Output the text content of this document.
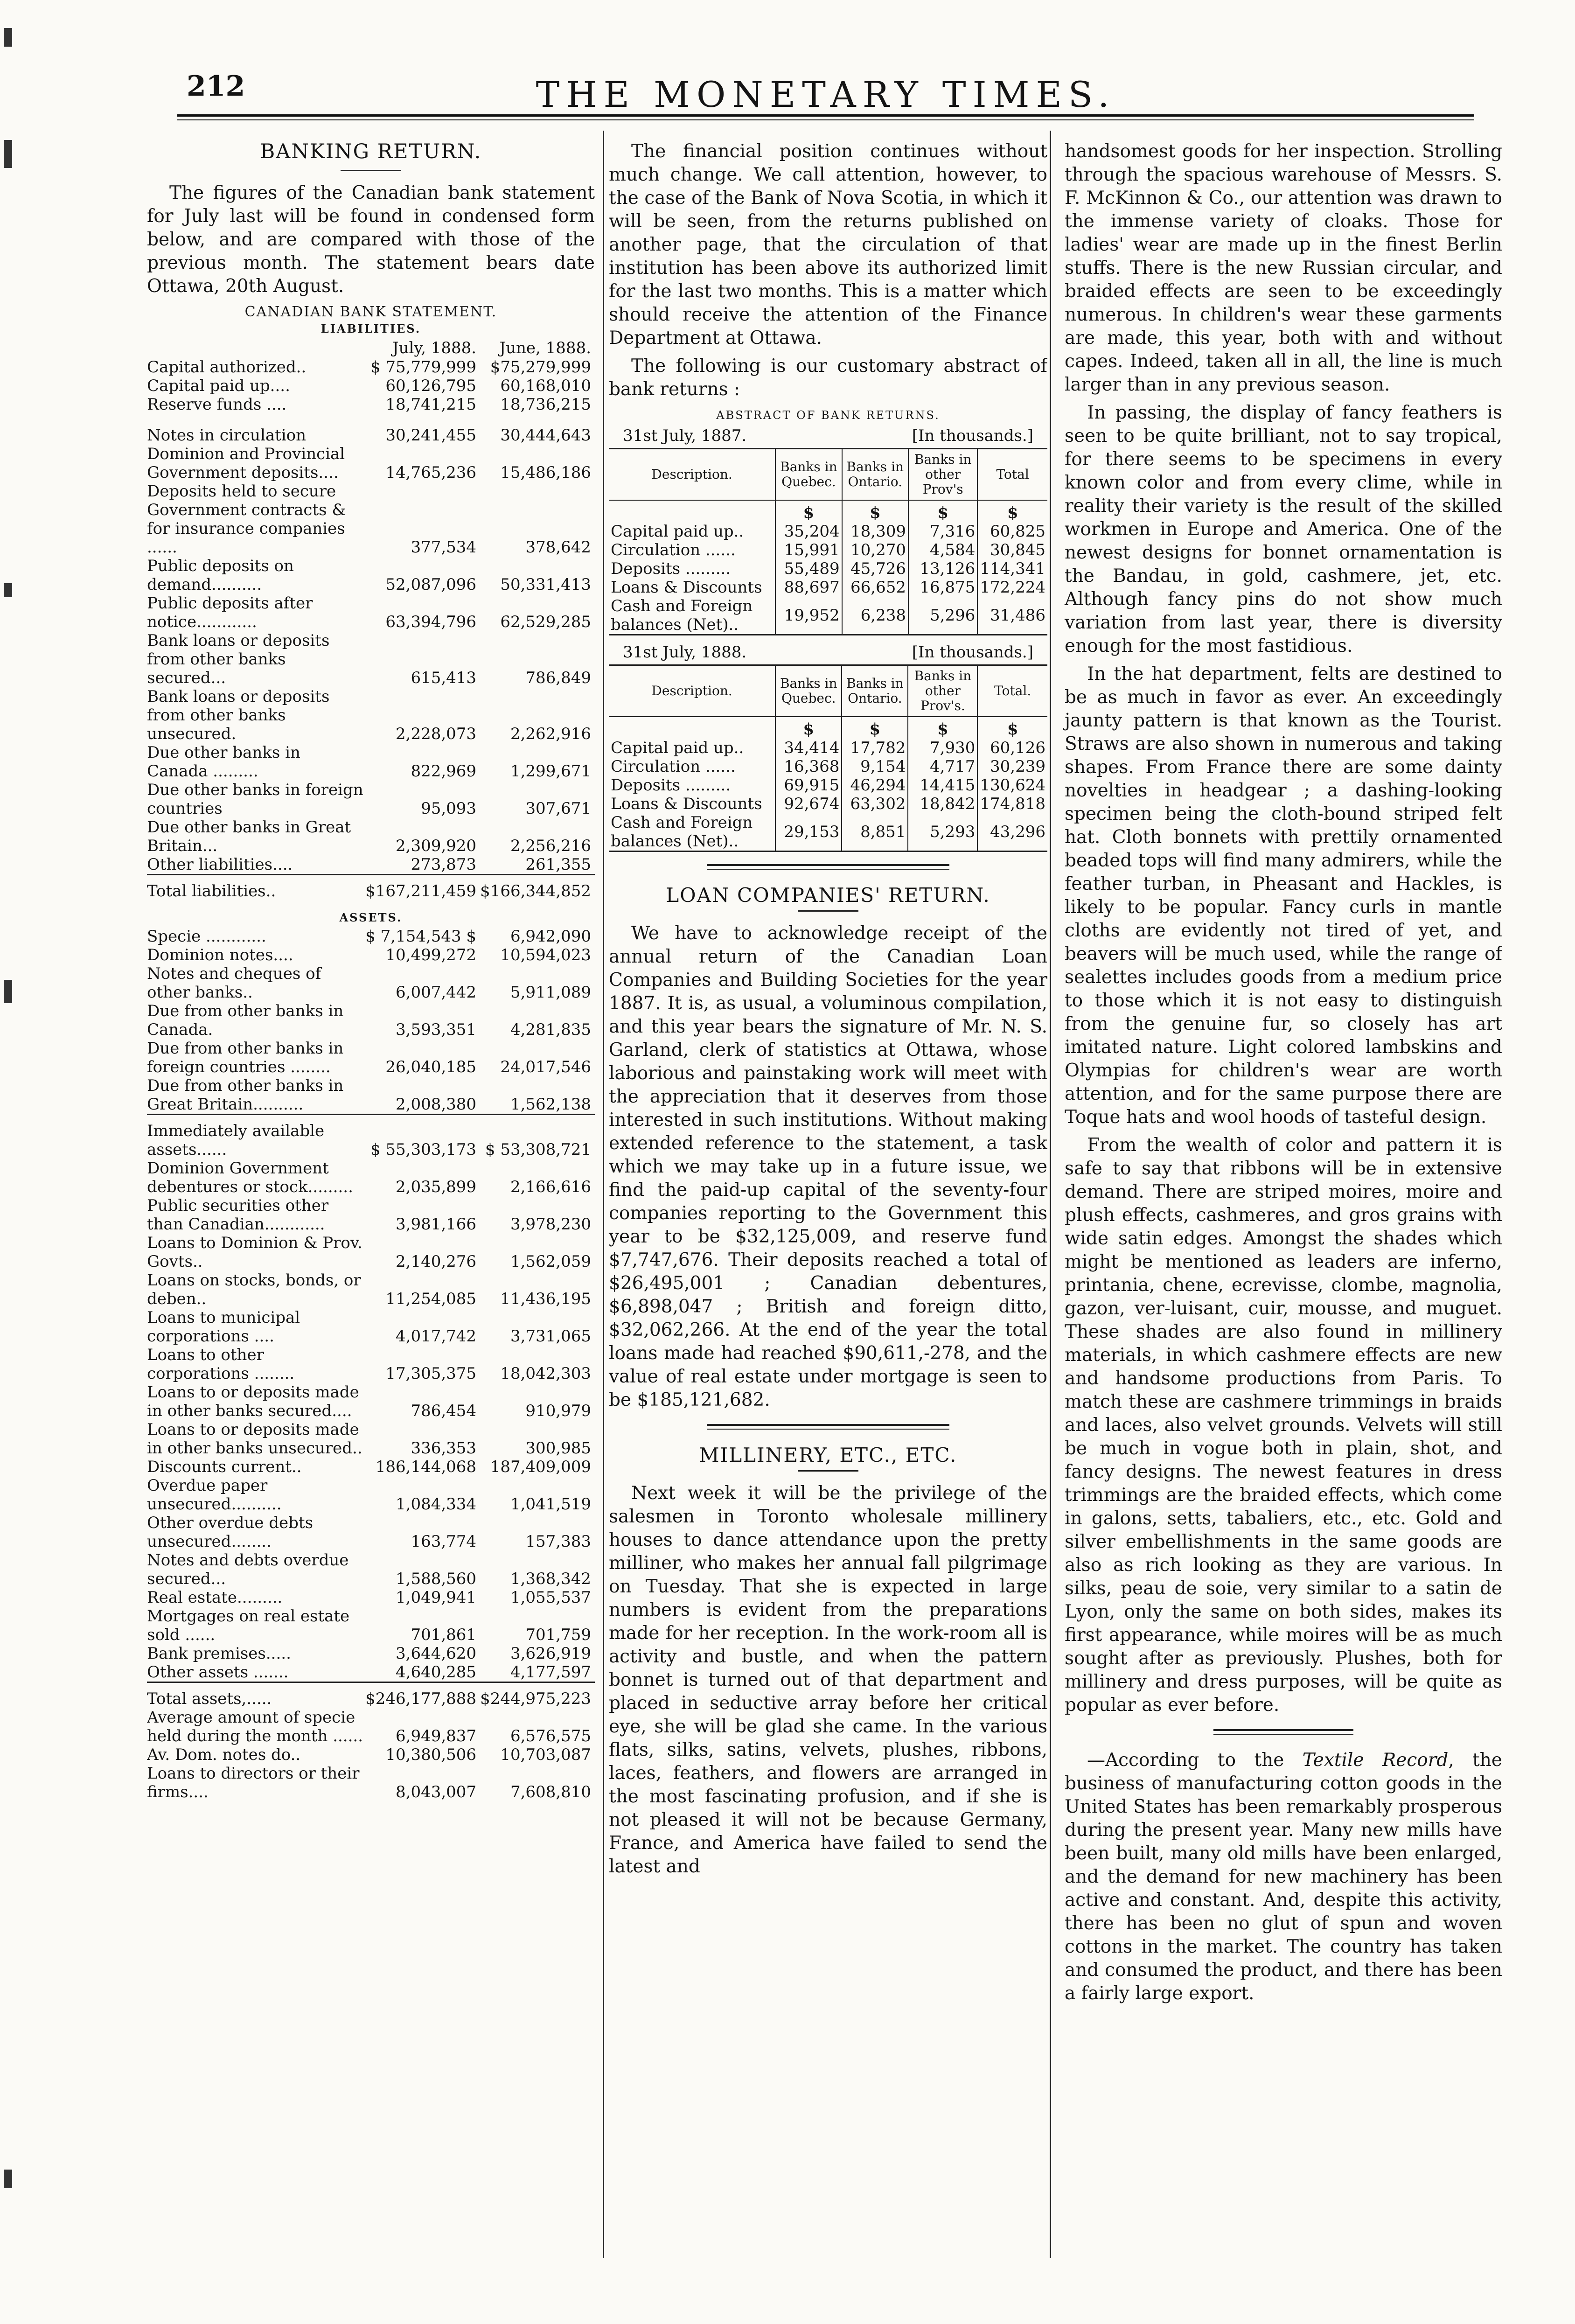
212	THE MONETARY TIMES.
BANKING RETURN.

The figures of the Canadian bank statement for July last will be found in condensed form below, and are compared with those of the previous month. The statement bears date Ottawa, 20th August.

CANADIAN BANK STATEMENT.
LIABILITIES.
	July, 1888.	June, 1888.
Capital authorized..	$ 75,779,999	$75,279,999
Capital paid up....	60,126,795	60,168,010
Reserve funds ....	18,741,215	18,736,215

Notes in circulation	30,241,455	30,444,643
Dominion and Provincial Government deposits....	14,765,236	15,486,186
Deposits held to secure Government contracts & for insurance companies ......	377,534	378,642
Public deposits on demand..........	52,087,096	50,331,413
Public deposits after notice............	63,394,796	62,529,285
Bank loans or deposits from other banks secured...	615,413	786,849
Bank loans or deposits from other banks unsecured.	2,228,073	2,262,916
Due other banks in Canada .........	822,969	1,299,671
Due other banks in foreign countries	95,093	307,671
Due other banks in Great Britain...	2,309,920	2,256,216
Other liabilities....	273,873	261,355
Total liabilities..	$167,211,459	$166,344,852
ASSETS.
Specie ............	$ 7,154,543 $	6,942,090
Dominion notes....	10,499,272	10,594,023
Notes and cheques of other banks..	6,007,442	5,911,089
Due from other banks in Canada.	3,593,351	4,281,835
Due from other banks in foreign countries ........	26,040,185	24,017,546
Due from other banks in Great Britain..........	2,008,380	1,562,138
Immediately available assets......	$ 55,303,173	$ 53,308,721
Dominion Government debentures or stock.........	2,035,899	2,166,616
Public securities other than Canadian............	3,981,166	3,978,230
Loans to Dominion & Prov. Govts..	2,140,276	1,562,059
Loans on stocks, bonds, or deben..	11,254,085	11,436,195
Loans to municipal corporations ....	4,017,742	3,731,065
Loans to other corporations ........	17,305,375	18,042,303
Loans to or deposits made in other banks secured....	786,454	910,979
Loans to or deposits made in other banks unsecured..	336,353	300,985
Discounts current..	186,144,068	187,409,009
Overdue paper unsecured..........	1,084,334	1,041,519
Other overdue debts unsecured........	163,774	157,383
Notes and debts overdue secured...	1,588,560	1,368,342
Real estate.........	1,049,941	1,055,537
Mortgages on real estate sold ......	701,861	701,759
Bank premises.....	3,644,620	3,626,919
Other assets .......	4,640,285	4,177,597
Total assets,.....	$246,177,888	$244,975,223
Average amount of specie held during the month ......	6,949,837	6,576,575
Av. Dom. notes do..	10,380,506	10,703,087
Loans to directors or their firms....	8,043,007	7,608,810

The financial position continues without much change. We call attention, however, to the case of the Bank of Nova Scotia, in which it will be seen, from the returns published on another page, that the circulation of that institution has been above its authorized limit for the last two months. This is a matter which should receive the attention of the Finance Department at Ottawa.

The following is our customary abstract of bank returns :

ABSTRACT OF BANK RETURNS.
31st July, 1887.	[In thousands.]
Description.	Banks in Quebec.	Banks in Ontario.	Banks in other Prov's	Total
	$	$	$	$
Capital paid up..	35,204	18,309	7,316	60,825
Circulation ......	15,991	10,270	4,584	30,845
Deposits .........	55,489	45,726	13,126	114,341
Loans & Discounts	88,697	66,652	16,875	172,224
Cash and Foreign balances (Net)..	19,952	6,238	5,296	31,486
31st July, 1888.	[In thousands.]
Description.	Banks in Quebec.	Banks in Ontario.	Banks in other Prov's.	Total.
	$	$	$	$
Capital paid up..	34,414	17,782	7,930	60,126
Circulation ......	16,368	9,154	4,717	30,239
Deposits .........	69,915	46,294	14,415	130,624
Loans & Discounts	92,674	63,302	18,842	174,818
Cash and Foreign balances (Net)..	29,153	8,851	5,293	43,296
LOAN COMPANIES' RETURN.

We have to acknowledge receipt of the annual return of the Canadian Loan Companies and Building Societies for the year 1887. It is, as usual, a voluminous compilation, and this year bears the signature of Mr. N. S. Garland, clerk of statistics at Ottawa, whose laborious and painstaking work will meet with the appreciation that it deserves from those interested in such institutions. Without making extended reference to the statement, a task which we may take up in a future issue, we find the paid-up capital of the seventy-four companies reporting to the Government this year to be $32,125,009, and reserve fund $7,747,676. Their deposits reached a total of $26,495,001 ; Canadian debentures, $6,898,047 ; British and foreign ditto, $32,062,266. At the end of the year the total loans made had reached $90,611,-278, and the value of real estate under mortgage is seen to be $185,121,682.

MILLINERY, ETC., ETC.

Next week it will be the privilege of the salesmen in Toronto wholesale millinery houses to dance attendance upon the pretty milliner, who makes her annual fall pilgrimage on Tuesday. That she is expected in large numbers is evident from the preparations made for her reception. In the work-room all is activity and bustle, and when the pattern bonnet is turned out of that department and placed in seductive array before her critical eye, she will be glad she came. In the various flats, silks, satins, velvets, plushes, ribbons, laces, feathers, and flowers are arranged in the most fascinating profusion, and if she is not pleased it will not be because Germany, France, and America have failed to send the latest and

handsomest goods for her inspection. Strolling through the spacious warehouse of Messrs. S. F. McKinnon & Co., our attention was drawn to the immense variety of cloaks. Those for ladies' wear are made up in the finest Berlin stuffs. There is the new Russian circular, and braided effects are seen to be exceedingly numerous. In children's wear these garments are made, this year, both with and without capes. Indeed, taken all in all, the line is much larger than in any previous season.

In passing, the display of fancy feathers is seen to be quite brilliant, not to say tropical, for there seems to be specimens in every known color and from every clime, while in reality their variety is the result of the skilled workmen in Europe and America. One of the newest designs for bonnet ornamentation is the Bandau, in gold, cashmere, jet, etc. Although fancy pins do not show much variation from last year, there is diversity enough for the most fastidious.

In the hat department, felts are destined to be as much in favor as ever. An exceedingly jaunty pattern is that known as the Tourist. Straws are also shown in numerous and taking shapes. From France there are some dainty novelties in headgear ; a dashing-looking specimen being the cloth-bound striped felt hat. Cloth bonnets with prettily ornamented beaded tops will find many admirers, while the feather turban, in Pheasant and Hackles, is likely to be popular. Fancy curls in mantle cloths are evidently not tired of yet, and beavers will be much used, while the range of sealettes includes goods from a medium price to those which it is not easy to distinguish from the genuine fur, so closely has art imitated nature. Light colored lambskins and Olympias for children's wear are worth attention, and for the same purpose there are Toque hats and wool hoods of tasteful design.

From the wealth of color and pattern it is safe to say that ribbons will be in extensive demand. There are striped moires, moire and plush effects, cashmeres, and gros grains with wide satin edges. Amongst the shades which might be mentioned as leaders are inferno, printania, chene, ecrevisse, clombe, magnolia, gazon, ver-luisant, cuir, mousse, and muguet. These shades are also found in millinery materials, in which cashmere effects are new and handsome productions from Paris. To match these are cashmere trimmings in braids and laces, also velvet grounds. Velvets will still be much in vogue both in plain, shot, and fancy designs. The newest features in dress trimmings are the braided effects, which come in galons, setts, tabaliers, etc., etc. Gold and silver embellishments in the same goods are also as rich looking as they are various. In silks, peau de soie, very similar to a satin de Lyon, only the same on both sides, makes its first appearance, while moires will be as much sought after as previously. Plushes, both for millinery and dress purposes, will be quite as popular as ever before.

—According to the Textile Record, the business of manufacturing cotton goods in the United States has been remarkably prosperous during the present year. Many new mills have been built, many old mills have been enlarged, and the demand for new machinery has been active and constant. And, despite this activity, there has been no glut of spun and woven cottons in the market. The country has taken and consumed the product, and there has been a fairly large export.
